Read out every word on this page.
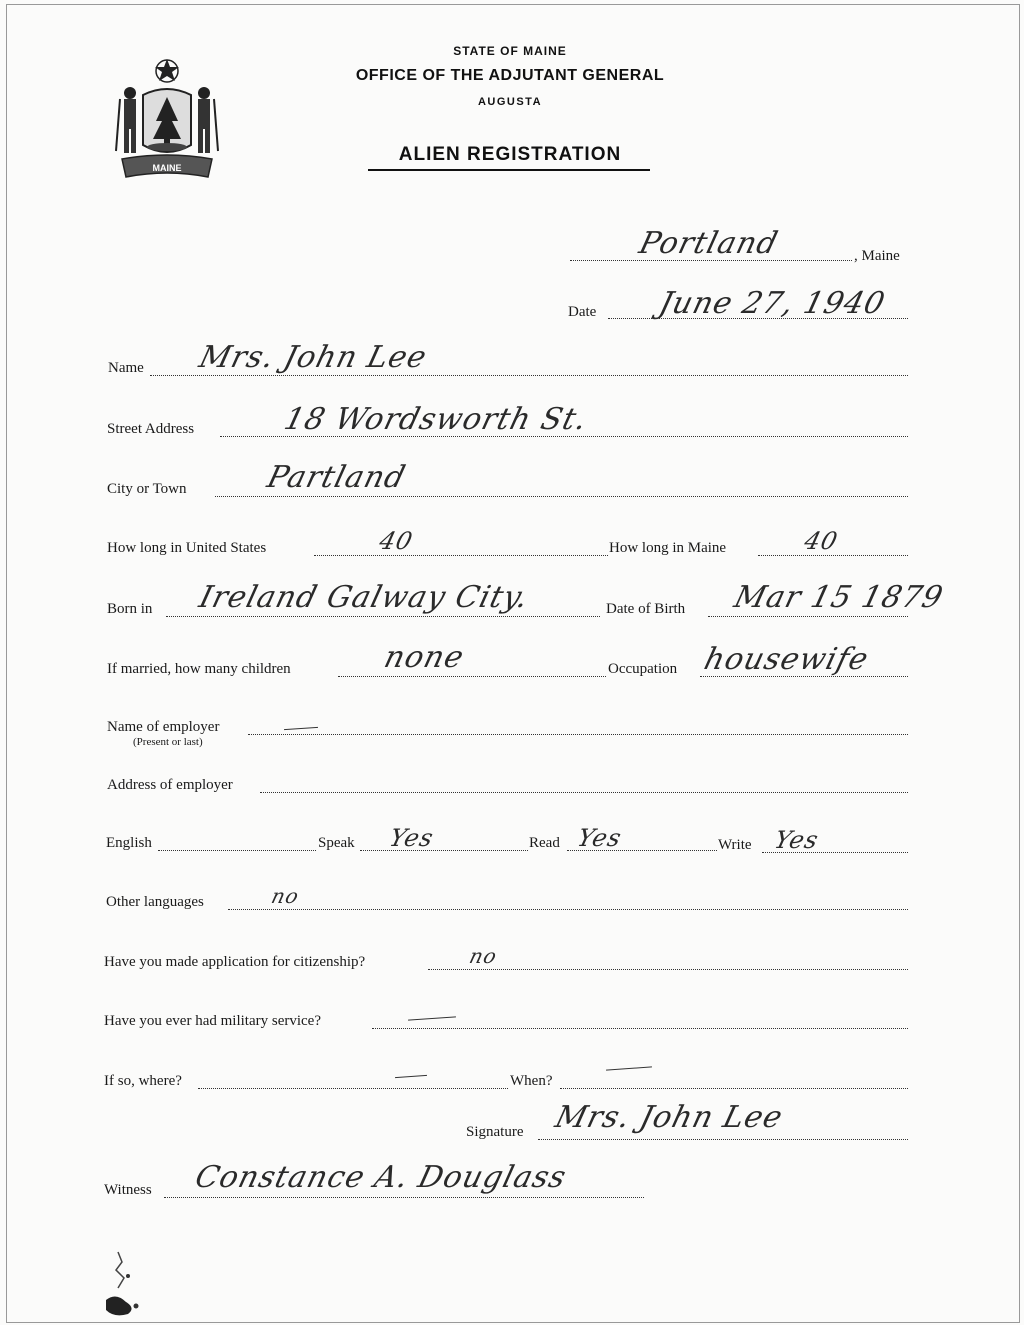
MAINE
STATE OF MAINE
OFFICE OF THE ADJUTANT GENERAL
AUGUSTA
ALIEN REGISTRATION
Portland	, Maine
Date June 27, 1940
Name Mrs. John Lee
Street Address	18 Wordsworth St.
City or Town	Partland
How long in United States	40	How long in Maine	40
Born in Ireland Galway City.	Date of Birth Mar 15 1879
If married, how many children	none	Occupation housewife
Name of employer
(Present or last)
Address of employer
English	Speak Yes	Read Yes	Write Yes
Other languages	no
Have you made application for citizenship?	no
Have you ever had military service?
If so, where?	When?
Signature Mrs. John Lee
Witness Constance A. Douglass
